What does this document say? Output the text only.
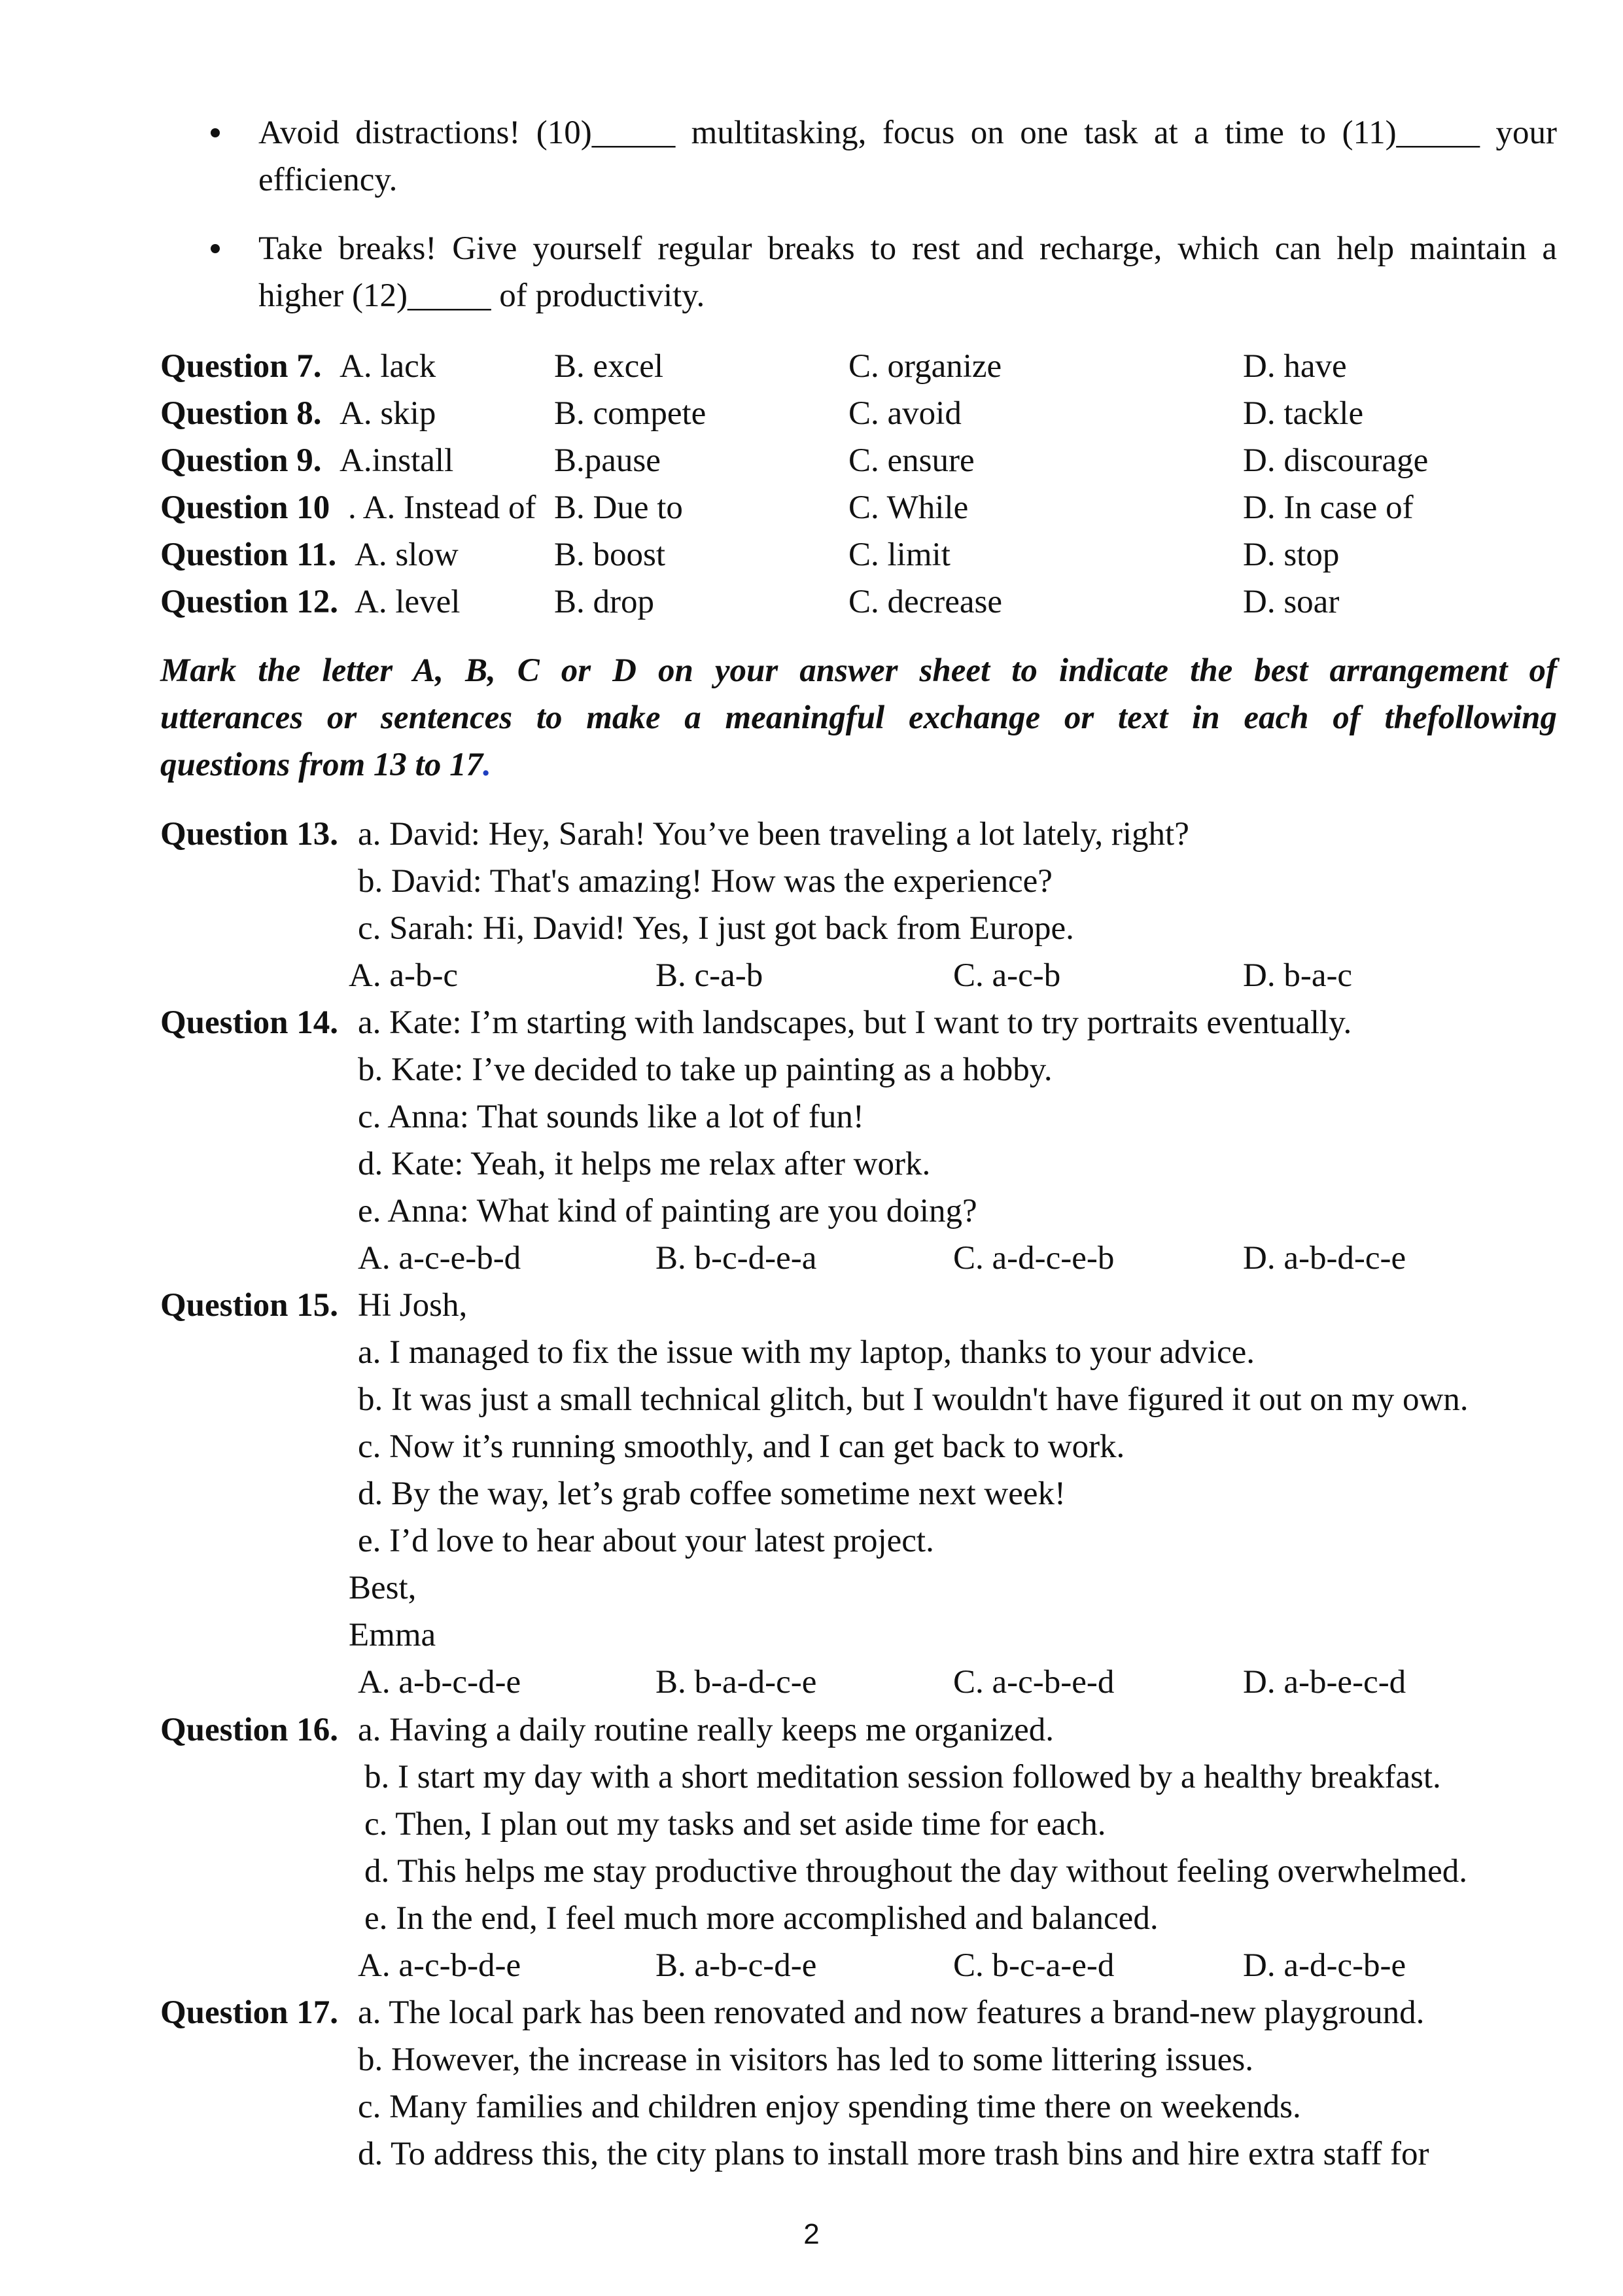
Avoid distractions! (10)_____ multitasking, focus on one task at a time to (11)_____ your
efficiency.
Take breaks! Give yourself regular breaks to rest and recharge, which can help maintain a
higher (12)_____ of productivity.
Question 7. A. lack	B. excel	C. organize	D. have
Question 8. A. skip	B. compete	C. avoid	D. tackle
Question 9. A.install	B.pause	C. ensure	D. discourage
Question 10 . A. Instead of B. Due to	C. While	D. In case of
Question 11. A. slow	B. boost	C. limit	D. stop
Question 12. A. level	B. drop	C. decrease	D. soar
Mark the letter A, B, C or D on your answer sheet to indicate the best arrangement of
utterances or sentences to make a meaningful exchange or text in each of thefollowing
questions from 13 to 17.
Question 13. a. David: Hey, Sarah! You’ve been traveling a lot lately, right?
b. David: That's amazing! How was the experience?
c. Sarah: Hi, David! Yes, I just got back from Europe.
A. a-b-c	B. c-a-b	C. a-c-b	D. b-a-c
Question 14. a. Kate: I’m starting with landscapes, but I want to try portraits eventually.
b. Kate: I’ve decided to take up painting as a hobby.
c. Anna: That sounds like a lot of fun!
d. Kate: Yeah, it helps me relax after work.
e. Anna: What kind of painting are you doing?
A. a-c-e-b-d	B. b-c-d-e-a	C. a-d-c-e-b	D. a-b-d-c-e
Question 15. Hi Josh,
a. I managed to fix the issue with my laptop, thanks to your advice.
b. It was just a small technical glitch, but I wouldn't have figured it out on my own.
c. Now it’s running smoothly, and I can get back to work.
d. By the way, let’s grab coffee sometime next week!
e. I’d love to hear about your latest project.
Best,
Emma
A. a-b-c-d-e	B. b-a-d-c-e	C. a-c-b-e-d	D. a-b-e-c-d
Question 16. a. Having a daily routine really keeps me organized.
b. I start my day with a short meditation session followed by a healthy breakfast.
c. Then, I plan out my tasks and set aside time for each.
d. This helps me stay productive throughout the day without feeling overwhelmed.
e. In the end, I feel much more accomplished and balanced.
A. a-c-b-d-e	B. a-b-c-d-e	C. b-c-a-e-d	D. a-d-c-b-e
Question 17. a. The local park has been renovated and now features a brand-new playground.
b. However, the increase in visitors has led to some littering issues.
c. Many families and children enjoy spending time there on weekends.
d. To address this, the city plans to install more trash bins and hire extra staff for
2
